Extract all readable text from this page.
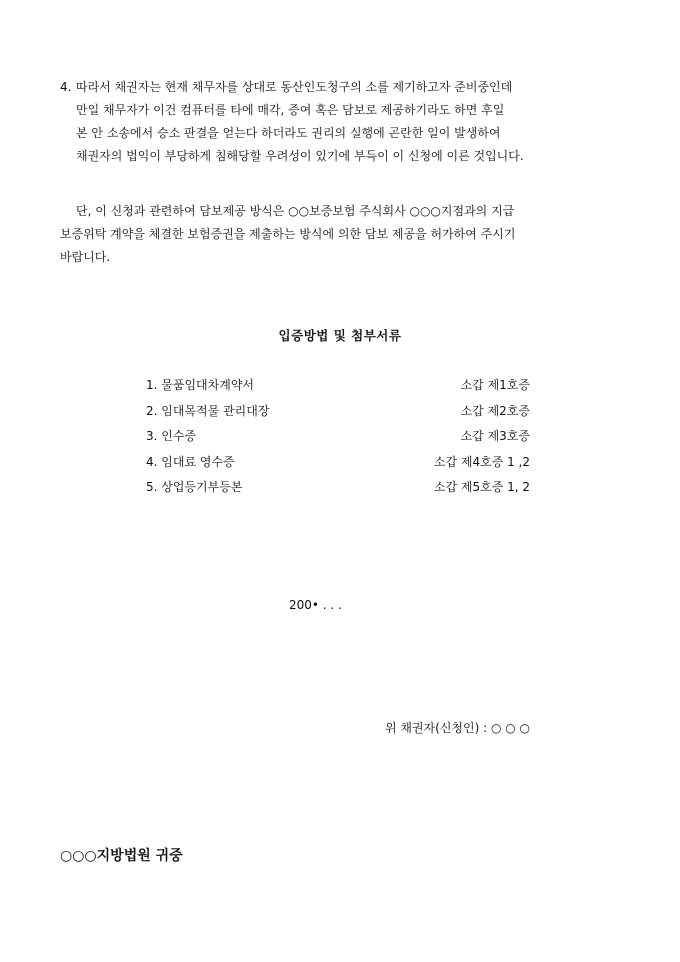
4. 따라서 채권자는 현재 채무자를 상대로 동산인도청구의 소를 제기하고자 준비중인데
만일 채무자가 이건 컴퓨터를 타에 매각, 증여 혹은 담보로 제공하기라도 하면 후일
본 안 소송에서 승소 판결을 얻는다 하더라도 권리의 실행에 곤란한 일이 발생하여
채권자의 법익이 부당하게 침해당할 우려성이 있기에 부득이 이 신청에 이른 것입니다.
단, 이 신청과 관련하여 담보제공 방식은 ○○보증보험 주식회사 ○○○지점과의 지급
보증위탁 계약을 체결한 보험증권을 제출하는 방식에 의한 담보 제공을 허가하여 주시기
바랍니다.
입증방법 및 첨부서류
1. 물품임대차계약서	소갑 제1호증
2. 임대목적물 관리대장	소갑 제2호증
3. 인수증	소갑 제3호증
4. 임대료 영수증	소갑 제4호증 1 ,2
5. 상업등기부등본	소갑 제5호증 1, 2
200• . . .
위 채권자(신청인) : ○ ○ ○
○○○지방법원 귀중
